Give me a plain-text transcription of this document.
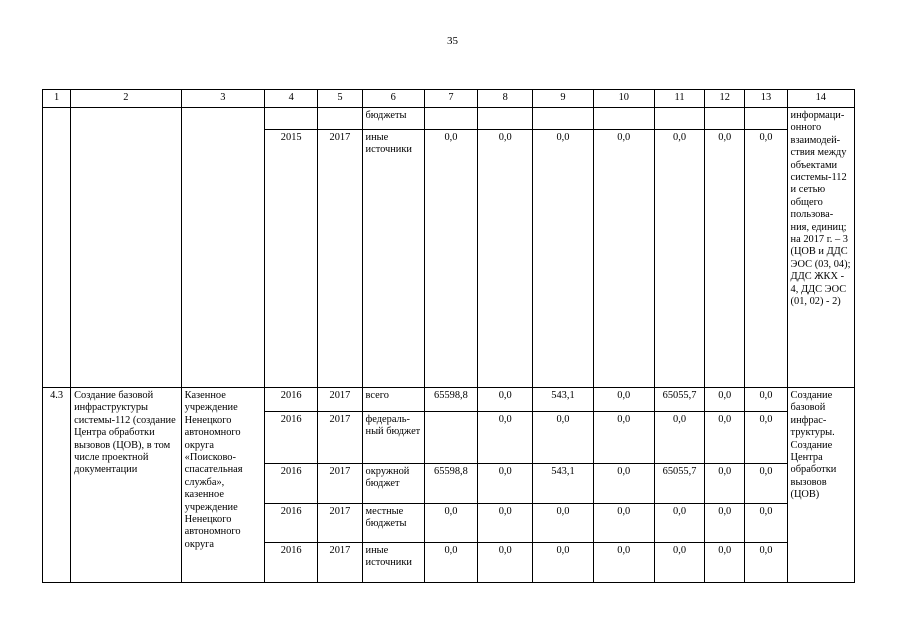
35
1	2	3	4	5	6	7	8	9	10	11	12	13	14
					бюджеты								информаци-онного взаимодей-ствия между объектами системы-112 и сетью общего пользова-ния, единиц; на 2017 г. – 3 (ЦОВ и ДДС ЭОС (03, 04); ДДС ЖКХ - 4, ДДС ЭОС (01, 02) - 2)
			2015	2017	иные источники	0,0	0,0	0,0	0,0	0,0	0,0	0,0	
4.3	Создание базовой инфраструктуры системы-112 (создание Центра обработки вызовов (ЦОВ), в том числе проектной документации	Казенное учреждение Ненецкого автономного округа «Поисково-спасательная служба», казенное учреждение Ненецкого автономного округа	2016	2017	всего	65598,8	0,0	543,1	0,0	65055,7	0,0	0,0	Создание базовой инфрас-труктуры. Создание Центра обработки вызовов (ЦОВ)
			2016	2017	федераль-ный бюджет		0,0	0,0	0,0	0,0	0,0	0,0	
			2016	2017	окружной бюджет	65598,8	0,0	543,1	0,0	65055,7	0,0	0,0	
			2016	2017	местные бюджеты	0,0	0,0	0,0	0,0	0,0	0,0	0,0	
			2016	2017	иные источники	0,0	0,0	0,0	0,0	0,0	0,0	0,0	
